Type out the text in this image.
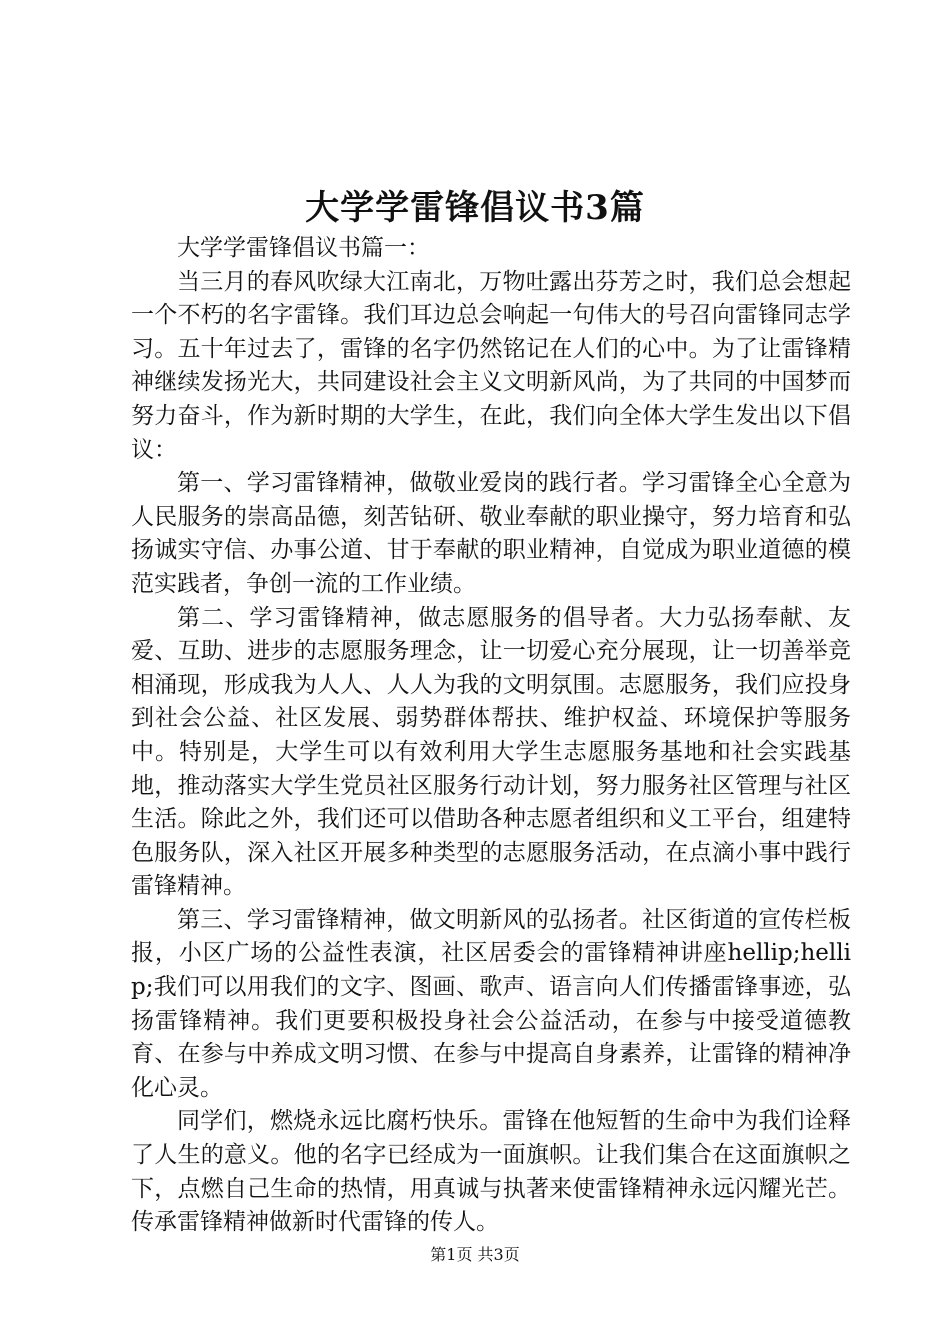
大学学雷锋倡议书3篇

大学学雷锋倡议书篇一：

当三月的春风吹绿大江南北，万物吐露出芬芳之时，我们总会想起一个不朽的名字雷锋。我们耳边总会响起一句伟大的号召向雷锋同志学习。五十年过去了，雷锋的名字仍然铭记在人们的心中。为了让雷锋精神继续发扬光大，共同建设社会主义文明新风尚，为了共同的中国梦而努力奋斗，作为新时期的大学生，在此，我们向全体大学生发出以下倡议：

第一、学习雷锋精神，做敬业爱岗的践行者。学习雷锋全心全意为人民服务的崇高品德，刻苦钻研、敬业奉献的职业操守，努力培育和弘扬诚实守信、办事公道、甘于奉献的职业精神，自觉成为职业道德的模范实践者，争创一流的工作业绩。

第二、学习雷锋精神，做志愿服务的倡导者。大力弘扬奉献、友爱、互助、进步的志愿服务理念，让一切爱心充分展现，让一切善举竞相涌现，形成我为人人、人人为我的文明氛围。志愿服务，我们应投身到社会公益、社区发展、弱势群体帮扶、维护权益、环境保护等服务中。特别是，大学生可以有效利用大学生志愿服务基地和社会实践基地，推动落实大学生党员社区服务行动计划，努力服务社区管理与社区生活。除此之外，我们还可以借助各种志愿者组织和义工平台，组建特色服务队，深入社区开展多种类型的志愿服务活动，在点滴小事中践行雷锋精神。

第三、学习雷锋精神，做文明新风的弘扬者。社区街道的宣传栏板报，小区广场的公益性表演，社区居委会的雷锋精神讲座hellip;hellip;我们可以用我们的文字、图画、歌声、语言向人们传播雷锋事迹，弘扬雷锋精神。我们更要积极投身社会公益活动，在参与中接受道德教育、在参与中养成文明习惯、在参与中提高自身素养，让雷锋的精神净化心灵。

同学们，燃烧永远比腐朽快乐。雷锋在他短暂的生命中为我们诠释了人生的意义。他的名字已经成为一面旗帜。让我们集合在这面旗帜之下，点燃自己生命的热情，用真诚与执著来使雷锋精神永远闪耀光芒。传承雷锋精神做新时代雷锋的传人。

第1页 共3页
